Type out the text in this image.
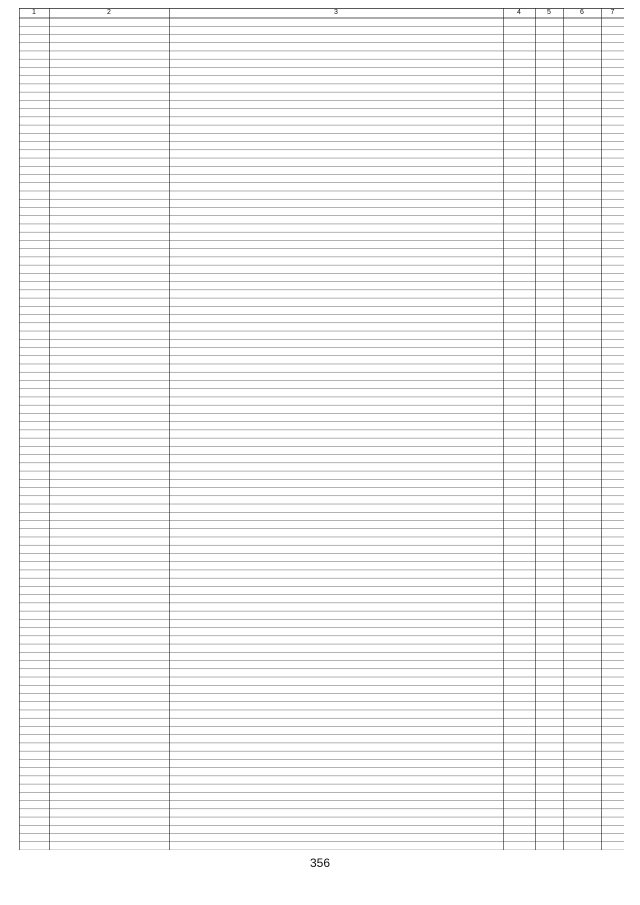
1	2	3	4	5	6	7
356
